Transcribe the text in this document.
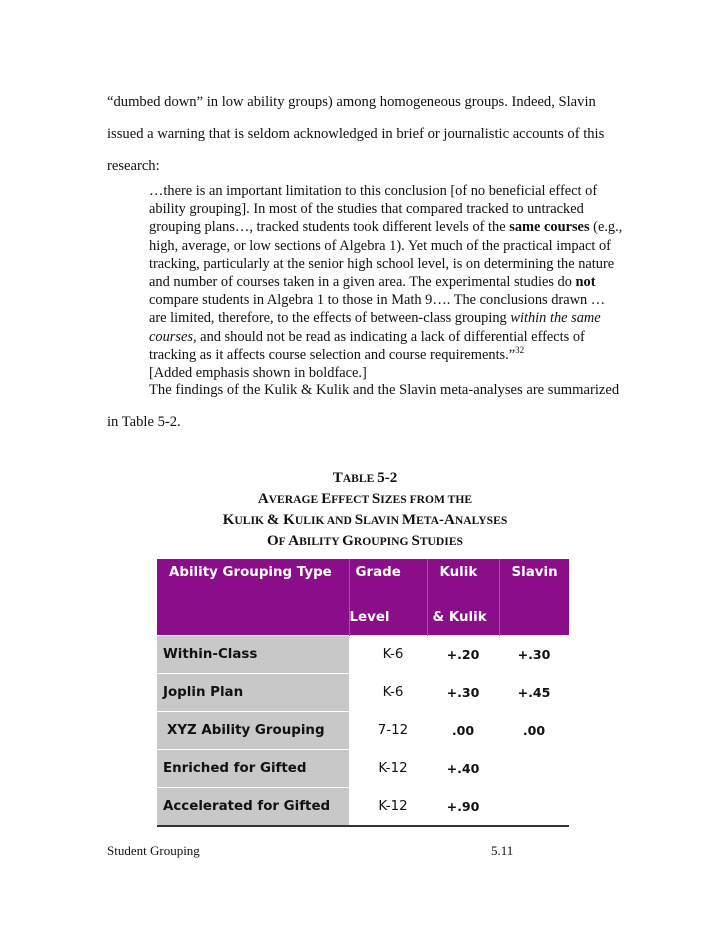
“dumbed down” in low ability groups) among homogeneous groups. Indeed, Slavin
issued a warning that is seldom acknowledged in brief or journalistic accounts of this
research:
…there is an important limitation to this conclusion [of no beneficial effect of
ability grouping]. In most of the studies that compared tracked to untracked
grouping plans…, tracked students took different levels of the same courses (e.g.,
high, average, or low sections of Algebra 1). Yet much of the practical impact of
tracking, particularly at the senior high school level, is on determining the nature
and number of courses taken in a given area. The experimental studies do not
compare students in Algebra 1 to those in Math 9…. The conclusions drawn …
are limited, therefore, to the effects of between-class grouping within the same
courses, and should not be read as indicating a lack of differential effects of
tracking as it affects course selection and course requirements.”$^{32}$
[Added emphasis shown in boldface.]
The findings of the Kulik & Kulik and the Slavin meta-analyses are summarized
in Table 5-2.
TABLE 5-2
AVERAGE EFFECT SIZES FROM THE
KULIK & KULIK AND SLAVIN META-ANALYSES
OF ABILITY GROUPING STUDIES
Ability Grouping Type	Grade	Kulik	Slavin
	Level	& Kulik	
Within-Class	K-6	+.20	+.30
Joplin Plan	K-6	+.30	+.45
XYZ Ability Grouping	7-12	.00	.00
Enriched for Gifted	K-12	+.40	
Accelerated for Gifted	K-12	+.90	
Student Grouping	5.11
